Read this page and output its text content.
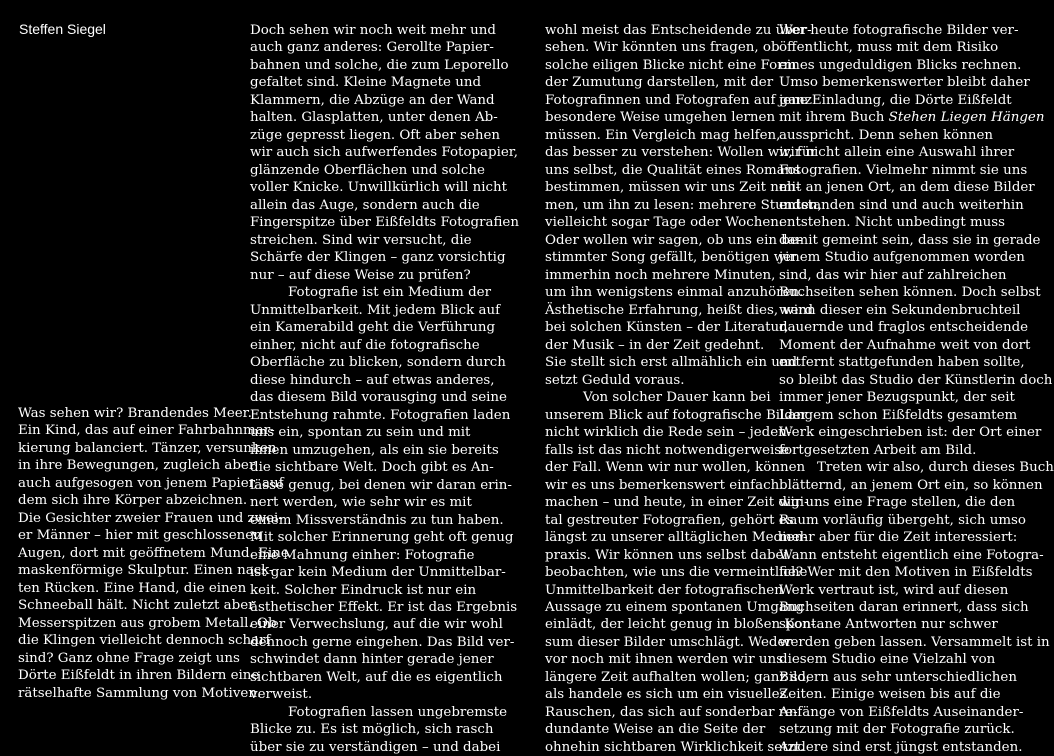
Steffen Siegel

Was sehen wir? Brandendes Meer.
Ein Kind, das auf einer Fahrbahnmar-
kierung balanciert. Tänzer, versunken
in ihre Bewegungen, zugleich aber
auch aufgesogen von jenem Papier, auf
dem sich ihre Körper abzeichnen.
Die Gesichter zweier Frauen und zwei-
er Männer – hier mit geschlossenen
Augen, dort mit geöffnetem Mund. Eine
maskenförmige Skulptur. Einen nack-
ten Rücken. Eine Hand, die einen
Schneeball hält. Nicht zuletzt aber
Messerspitzen aus grobem Metall. Ob
die Klingen vielleicht dennoch scharf
sind? Ganz ohne Frage zeigt uns
Dörte Eißfeldt in ihren Bildern eine
rätselhafte Sammlung von Motiven.

Doch sehen wir noch weit mehr und
auch ganz anderes: Gerollte Papier-
bahnen und solche, die zum Leporello
gefaltet sind. Kleine Magnete und
Klammern, die Abzüge an der Wand
halten. Glasplatten, unter denen Ab-
züge gepresst liegen. Oft aber sehen
wir auch sich aufwerfendes Fotopapier,
glänzende Oberflächen und solche
voller Knicke. Unwillkürlich will nicht
allein das Auge, sondern auch die
Fingerspitze über Eißfeldts Fotografien
streichen. Sind wir versucht, die
Schärfe der Klingen – ganz vorsichtig
nur – auf diese Weise zu prüfen?

Fotografie ist ein Medium der
Unmittelbarkeit. Mit jedem Blick auf
ein Kamerabild geht die Verführung
einher, nicht auf die fotografische
Oberfläche zu blicken, sondern durch
diese hindurch – auf etwas anderes,
das diesem Bild vorausging und seine
Entstehung rahmte. Fotografien laden
uns ein, spontan zu sein und mit
ihnen umzugehen, als ein sie bereits
die sichtbare Welt. Doch gibt es An-
lässe genug, bei denen wir daran erin-
nert werden, wie sehr wir es mit
einem Missverständnis zu tun haben.
Mit solcher Erinnerung geht oft genug
eine Mahnung einher: Fotografie
ist gar kein Medium der Unmittelbar-
keit. Solcher Eindruck ist nur ein
ästhetischer Effekt. Er ist das Ergebnis
einer Verwechslung, auf die wir wohl
dennoch gerne eingehen. Das Bild ver-
schwindet dann hinter gerade jener
sichtbaren Welt, auf die es eigentlich
verweist.

Fotografien lassen ungebremste
Blicke zu. Es ist möglich, sich rasch
über sie zu verständigen – und dabei

wohl meist das Entscheidende zu über-
sehen. Wir könnten uns fragen, ob
solche eiligen Blicke nicht eine Form
der Zumutung darstellen, mit der
Fotografinnen und Fotografen auf ganz
besondere Weise umgehen lernen
müssen. Ein Vergleich mag helfen,
das besser zu verstehen: Wollen wir, für
uns selbst, die Qualität eines Romans
bestimmen, müssen wir uns Zeit neh-
men, um ihn zu lesen: mehrere Stunden,
vielleicht sogar Tage oder Wochen.
Oder wollen wir sagen, ob uns ein be-
stimmter Song gefällt, benötigen wir
immerhin noch mehrere Minuten,
um ihn wenigstens einmal anzuhören.
Ästhetische Erfahrung, heißt dies, wird
bei solchen Künsten – der Literatur,
der Musik – in der Zeit gedehnt.
Sie stellt sich erst allmählich ein und
setzt Geduld voraus.

Von solcher Dauer kann bei
unserem Blick auf fotografische Bilder
nicht wirklich die Rede sein – jeden-
falls ist das nicht notwendigerweise
der Fall. Wenn wir nur wollen, können
wir es uns bemerkenswert einfach
machen – und heute, in einer Zeit digi-
tal gestreuter Fotografien, gehört es
längst zu unserer alltäglichen Medien-
praxis. Wir können uns selbst dabei
beobachten, wie uns die vermeintliche
Unmittelbarkeit der fotografischen
Aussage zu einem spontanen Umgang
einlädt, der leicht genug in bloßen Kon-
sum dieser Bilder umschlägt. Weder
vor noch mit ihnen werden wir uns
längere Zeit aufhalten wollen; ganz so,
als handele es sich um ein visuelles
Rauschen, das sich auf sonderbar re-
dundante Weise an die Seite der
ohnehin sichtbaren Wirklichkeit setzt.

Wer heute fotografische Bilder ver-
öffentlicht, muss mit dem Risiko
eines ungeduldigen Blicks rechnen.
Umso bemerkenswerter bleibt daher
jene Einladung, die Dörte Eißfeldt
mit ihrem Buch Stehen Liegen Hängen
ausspricht. Denn sehen können
wir nicht allein eine Auswahl ihrer
Fotografien. Vielmehr nimmt sie uns
mit an jenen Ort, an dem diese Bilder
entstanden sind und auch weiterhin
entstehen. Nicht unbedingt muss
damit gemeint sein, dass sie in gerade
jenem Studio aufgenommen worden
sind, das wir hier auf zahlreichen
Buchseiten sehen können. Doch selbst
wenn dieser ein Sekundenbruchteil
dauernde und fraglos entscheidende
Moment der Aufnahme weit von dort
entfernt stattgefunden haben sollte,
so bleibt das Studio der Künstlerin doch
immer jener Bezugspunkt, der seit
Langem schon Eißfeldts gesamtem
Werk eingeschrieben ist: der Ort einer
fortgesetzten Arbeit am Bild.

Treten wir also, durch dieses Buch
blätternd, an jenem Ort ein, so können
wir uns eine Frage stellen, die den
Raum vorläufig übergeht, sich umso
mehr aber für die Zeit interessiert:
Wann entsteht eigentlich eine Fotogra-
fie? Wer mit den Motiven in Eißfeldts
Werk vertraut ist, wird auf diesen
Buchseiten daran erinnert, dass sich
spontane Antworten nur schwer
werden geben lassen. Versammelt ist in
diesem Studio eine Vielzahl von
Bildern aus sehr unterschiedlichen
Zeiten. Einige weisen bis auf die
Anfänge von Eißfeldts Auseinander-
setzung mit der Fotografie zurück.
Andere sind erst jüngst entstanden.
